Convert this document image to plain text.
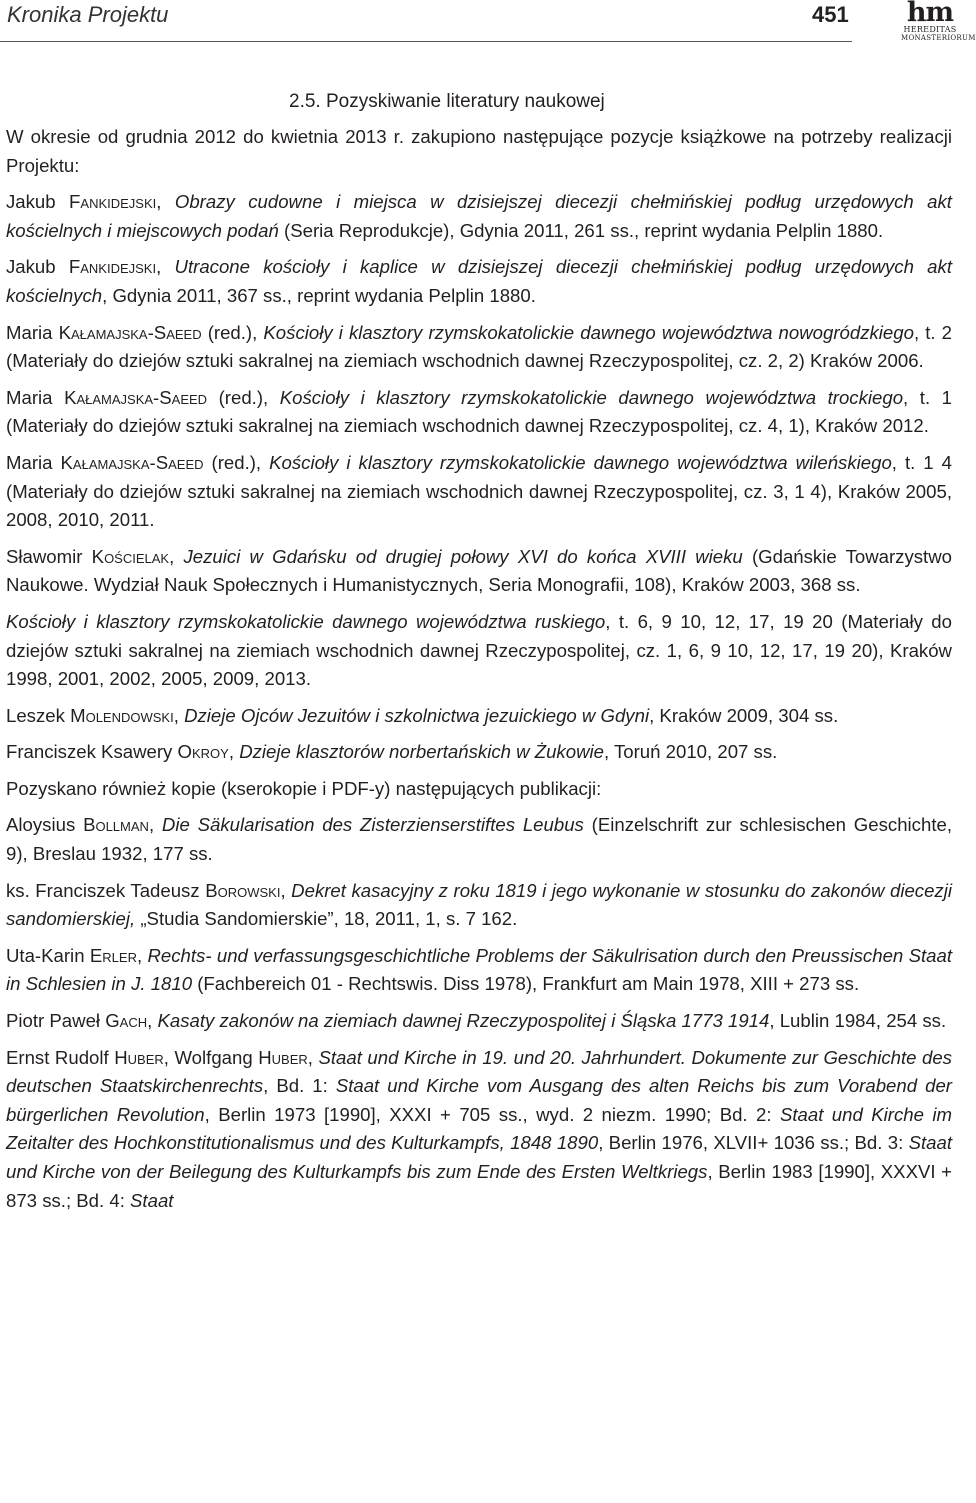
Kronika Projektu	451 hm
HEREDITAS
MONASTERIORUM
2.5. Pozyskiwanie literatury naukowej

W okresie od grudnia 2012 do kwietnia 2013 r. zakupiono następujące pozycje książkowe na potrzeby realizacji Projektu:

Jakub Fankidejski, Obrazy cudowne i miejsca w dzisiejszej diecezji chełmińskiej podług urzędowych akt kościelnych i miejscowych podań (Seria Reprodukcje), Gdynia 2011, 261 ss., reprint wydania Pelplin 1880.

Jakub Fankidejski, Utracone kościoły i kaplice w dzisiejszej diecezji chełmińskiej podług urzędowych akt kościelnych, Gdynia 2011, 367 ss., reprint wydania Pelplin 1880.

Maria Kałamajska-Saeed (red.), Kościoły i klasztory rzymskokatolickie dawnego województwa nowogródzkiego, t. 2 (Materiały do dziejów sztuki sakralnej na ziemiach wschodnich dawnej Rzeczypospolitej, cz. 2, 2) Kraków 2006.

Maria Kałamajska-Saeed (red.), Kościoły i klasztory rzymskokatolickie dawnego województwa trockiego, t. 1 (Materiały do dziejów sztuki sakralnej na ziemiach wschodnich dawnej Rzeczypospolitej, cz. 4, 1), Kraków 2012.

Maria Kałamajska-Saeed (red.), Kościoły i klasztory rzymskokatolickie dawnego województwa wileńskiego, t. 1 4 (Materiały do dziejów sztuki sakralnej na ziemiach wschodnich dawnej Rzeczypospolitej, cz. 3, 1 4), Kraków 2005, 2008, 2010, 2011.

Sławomir Kościelak, Jezuici w Gdańsku od drugiej połowy XVI do końca XVIII wieku (Gdańskie Towarzystwo Naukowe. Wydział Nauk Społecznych i Humanistycznych, Seria Monografii, 108), Kraków 2003, 368 ss.

Kościoły i klasztory rzymskokatolickie dawnego województwa ruskiego, t. 6, 9 10, 12, 17, 19 20 (Materiały do dziejów sztuki sakralnej na ziemiach wschodnich dawnej Rzeczypospolitej, cz. 1, 6, 9 10, 12, 17, 19 20), Kraków 1998, 2001, 2002, 2005, 2009, 2013.

Leszek Molendowski, Dzieje Ojców Jezuitów i szkolnictwa jezuickiego w Gdyni, Kraków 2009, 304 ss.

Franciszek Ksawery Okroy, Dzieje klasztorów norbertańskich w Żukowie, Toruń 2010, 207 ss.

Pozyskano również kopie (kserokopie i PDF-y) następujących publikacji:

Aloysius Bollman, Die Säkularisation des Zisterzienserstiftes Leubus (Einzelschrift zur schlesischen Geschichte, 9), Breslau 1932, 177 ss.

ks. Franciszek Tadeusz Borowski, Dekret kasacyjny z roku 1819 i jego wykonanie w stosunku do zakonów diecezji sandomierskiej, „Studia Sandomierskie”, 18, 2011, 1, s. 7 162.

Uta-Karin Erler, Rechts- und verfassungsgeschichtliche Problems der Säkulrisation durch den Preussischen Staat in Schlesien in J. 1810 (Fachbereich 01 - Rechtswis. Diss 1978), Frankfurt am Main 1978, XIII + 273 ss.

Piotr Paweł Gach, Kasaty zakonów na ziemiach dawnej Rzeczypospolitej i Śląska 1773 1914, Lublin 1984, 254 ss.

Ernst Rudolf Huber, Wolfgang Huber, Staat und Kirche in 19. und 20. Jahrhundert. Dokumente zur Geschichte des deutschen Staatskirchenrechts, Bd. 1: Staat und Kirche vom Ausgang des alten Reichs bis zum Vorabend der bürgerlichen Revolution, Berlin 1973 [1990], XXXI + 705 ss., wyd. 2 niezm. 1990; Bd. 2: Staat und Kirche im Zeitalter des Hochkonstitutionalismus und des Kulturkampfs, 1848 1890, Berlin 1976, XLVII+ 1036 ss.; Bd. 3: Staat und Kirche von der Beilegung des Kulturkampfs bis zum Ende des Ersten Weltkriegs, Berlin 1983 [1990], XXXVI + 873 ss.; Bd. 4: Staat
